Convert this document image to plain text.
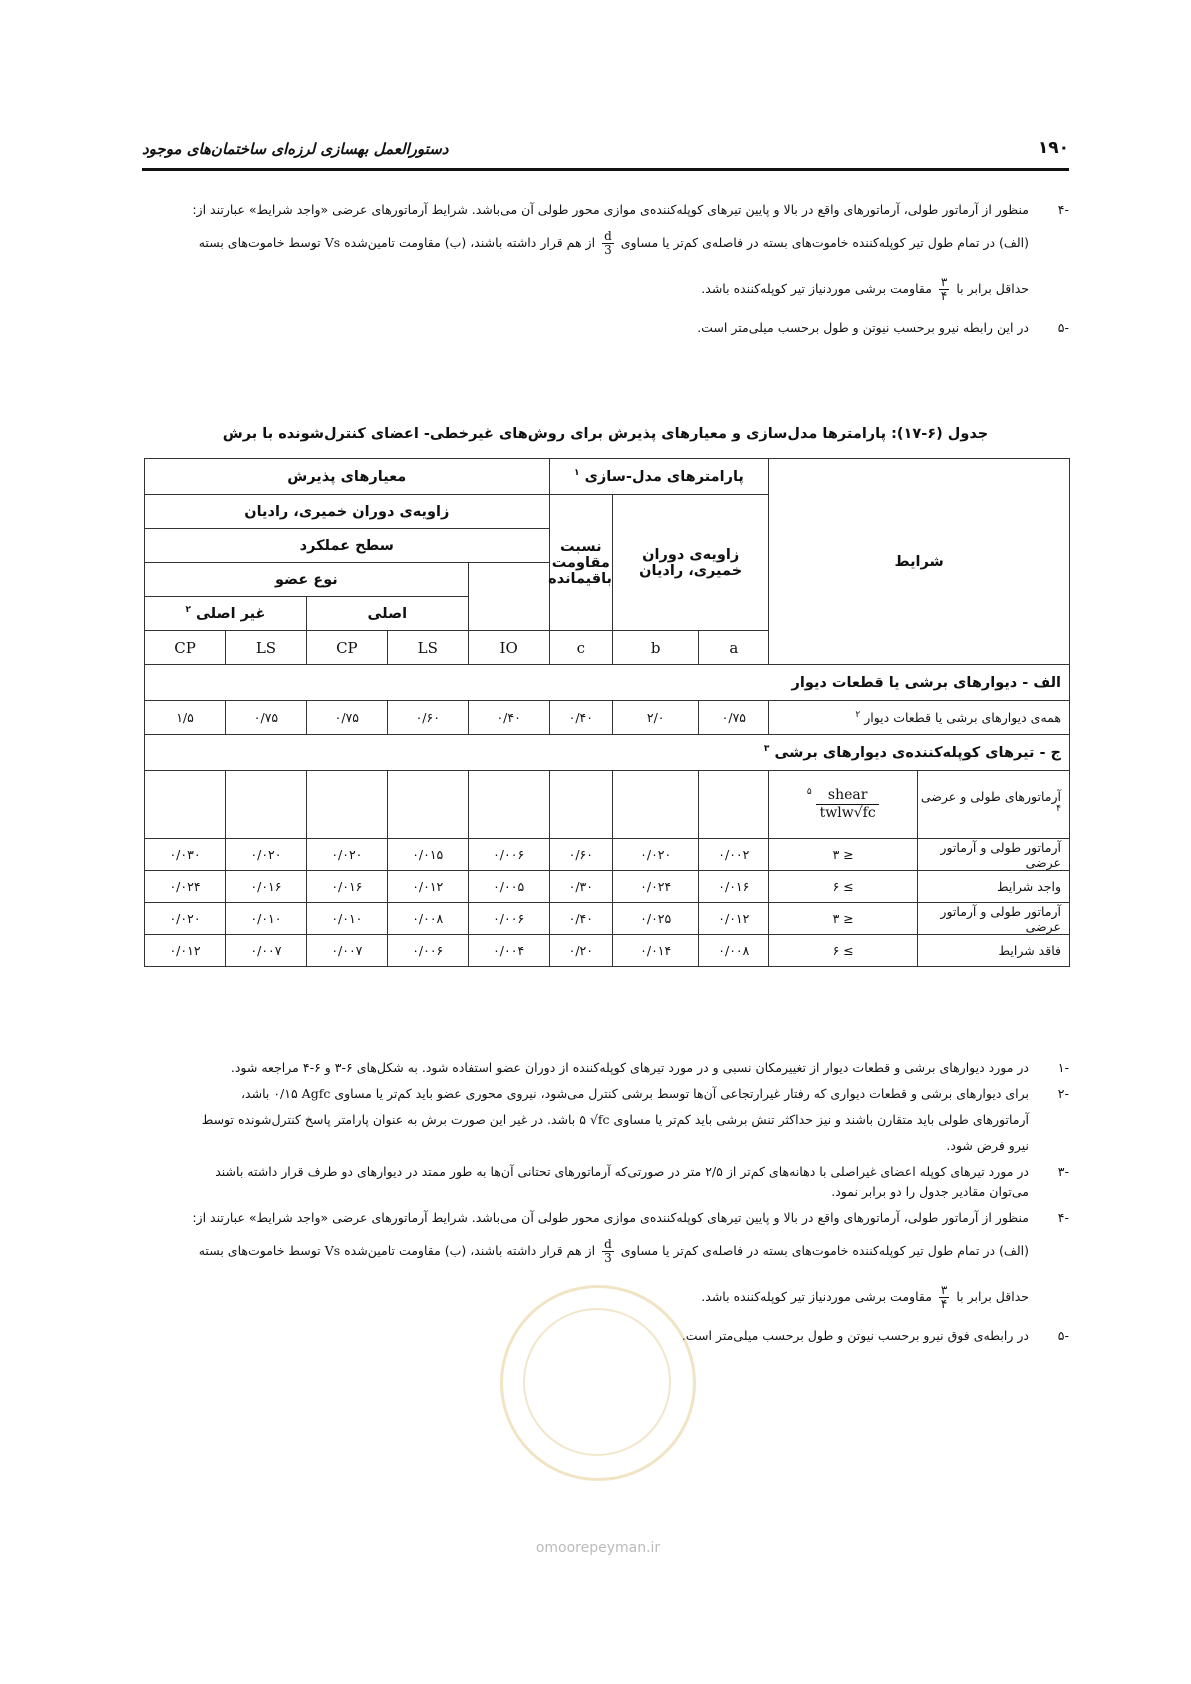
۱۹۰
دستورالعمل بهسازی لرزه‌ای ساختمان‌های موجود
-۴
منظور از آرماتور طولی، آرماتورهای واقع در بالا و پایین تیرهای کوپله‌کننده‌ی موازی محور طولی آن می‌باشد. شرایط آرماتورهای عرضی «واجد شرایط» عبارتند از:
(الف) در تمام طول تیر کوپله‌کننده خاموت‌های بسته در فاصله‌ی کم‌تر یا مساوی
$\frac{d}{3}$
از هم قرار داشته باشند، (ب) مقاومت تامین‌شده Vs توسط خاموت‌های بسته
حداقل برابر با
$\frac{۳}{۴}$
مقاومت برشی موردنیاز تیر کوپله‌کننده باشد.
-۵
در این رابطه نیرو برحسب نیوتن و طول برحسب میلی‌متر است.
جدول (۶-۱۷): پارامترها مدل‌سازی و معیارهای پذیرش برای روش‌های غیرخطی- اعضای کنترل‌شونده با برش
شرایط		پارامترهای مدل-سازی $^۱$			معیارهای پذیرش				
		زاویه‌ی دوران خمیری، رادیان		نسبت مقاومت باقیمانده	زاویه‌ی دوران خمیری، رادیان				
					سطح عملکرد				
						نوع عضو			
						اصلی		غیر اصلی $^۲$
		a	b	c	IO	LS	CP	LS	CP
الف - دیوارهای برشی یا قطعات دیوار									
همه‌ی دیوارهای برشی یا قطعات دیوار $^۲$		۰/۷۵	۲/۰	۰/۴۰	۰/۴۰	۰/۶۰	۰/۷۵	۰/۷۵	۱/۵
ج - تیرهای کوپله‌کننده‌ی دیوارهای برشی $^۳$
آرماتورهای طولی و عرضی $^۴$	shear
twlw√fc
$^۵$								
آرماتور طولی و آرماتور عرضی	≤ ۳	۰/۰۰۲	۰/۰۲۰	۰/۶۰	۰/۰۰۶	۰/۰۱۵	۰/۰۲۰	۰/۰۲۰	۰/۰۳۰
واجد شرایط	≥ ۶	۰/۰۱۶	۰/۰۲۴	۰/۳۰	۰/۰۰۵	۰/۰۱۲	۰/۰۱۶	۰/۰۱۶	۰/۰۲۴
آرماتور طولی و آرماتور عرضی	≤ ۳	۰/۰۱۲	۰/۰۲۵	۰/۴۰	۰/۰۰۶	۰/۰۰۸	۰/۰۱۰	۰/۰۱۰	۰/۰۲۰
فاقد شرایط	≥ ۶	۰/۰۰۸	۰/۰۱۴	۰/۲۰	۰/۰۰۴	۰/۰۰۶	۰/۰۰۷	۰/۰۰۷	۰/۰۱۲
-۱
در مورد دیوارهای برشی و قطعات دیوار از تغییرمکان نسبی و در مورد تیرهای کوپله‌کننده از دوران عضو استفاده شود. به شکل‌های ۶-۳ و ۶-۴ مراجعه شود.
-۲
برای دیوارهای برشی و قطعات دیواری که رفتار غیرارتجاعی آن‌ها توسط برشی کنترل می‌شود، نیروی محوری عضو باید کم‌تر یا مساوی ۰/۱۵ Agfc باشد،
آرماتورهای طولی باید متقارن باشند و نیز حداکثر تنش برشی باید کم‌تر یا مساوی ۵ √fc باشد. در غیر این صورت برش به عنوان پارامتر پاسخ کنترل‌شونده توسط
نیرو فرض شود.
-۳
در مورد تیرهای کوپله اعضای غیراصلی با دهانه‌های کم‌تر از ۲/۵ متر در صورتی‌که آرماتورهای تحتانی آن‌ها به طور ممتد در دیوارهای دو طرف قرار داشته باشند
می‌توان مقادیر جدول را دو برابر نمود.
-۴
منظور از آرماتور طولی، آرماتورهای واقع در بالا و پایین تیرهای کوپله‌کننده‌ی موازی محور طولی آن می‌باشد. شرایط آرماتورهای عرضی «واجد شرایط» عبارتند از:
(الف) در تمام طول تیر کوپله‌کننده خاموت‌های بسته در فاصله‌ی کم‌تر یا مساوی
$\frac{d}{3}$
از هم قرار داشته باشند، (ب) مقاومت تامین‌شده Vs توسط خاموت‌های بسته
حداقل برابر با
$\frac{۳}{۴}$
مقاومت برشی موردنیاز تیر کوپله‌کننده باشد.
-۵
در رابطه‌ی فوق نیرو برحسب نیوتن و طول برحسب میلی‌متر است.
omoorepeyman.ir
